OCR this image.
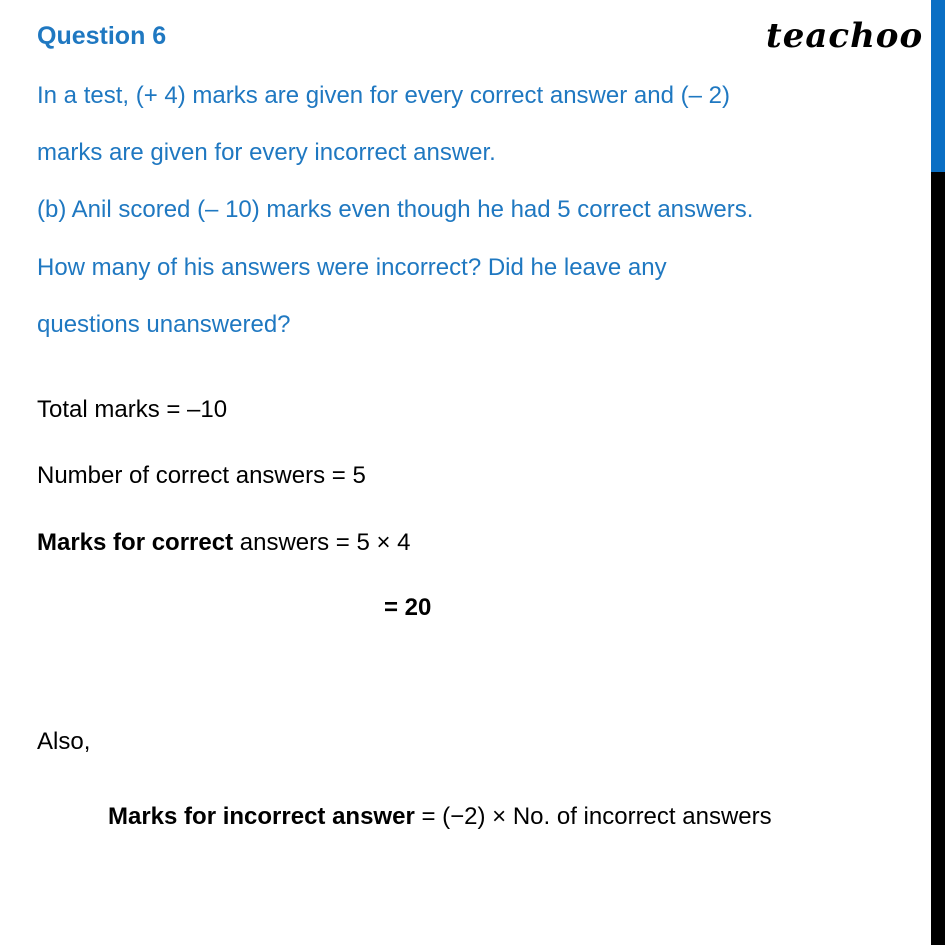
Question 6	teachoo
In a test, (+ 4) marks are given for every correct answer and (– 2)
marks are given for every incorrect answer.
(b) Anil scored (– 10) marks even though he had 5 correct answers.
How many of his answers were incorrect? Did he leave any
questions unanswered?
Total marks = –10
Number of correct answers = 5
Marks for correct answers = 5 × 4
= 20
Also,
Marks for incorrect answer = (−2) × No. of incorrect answers
